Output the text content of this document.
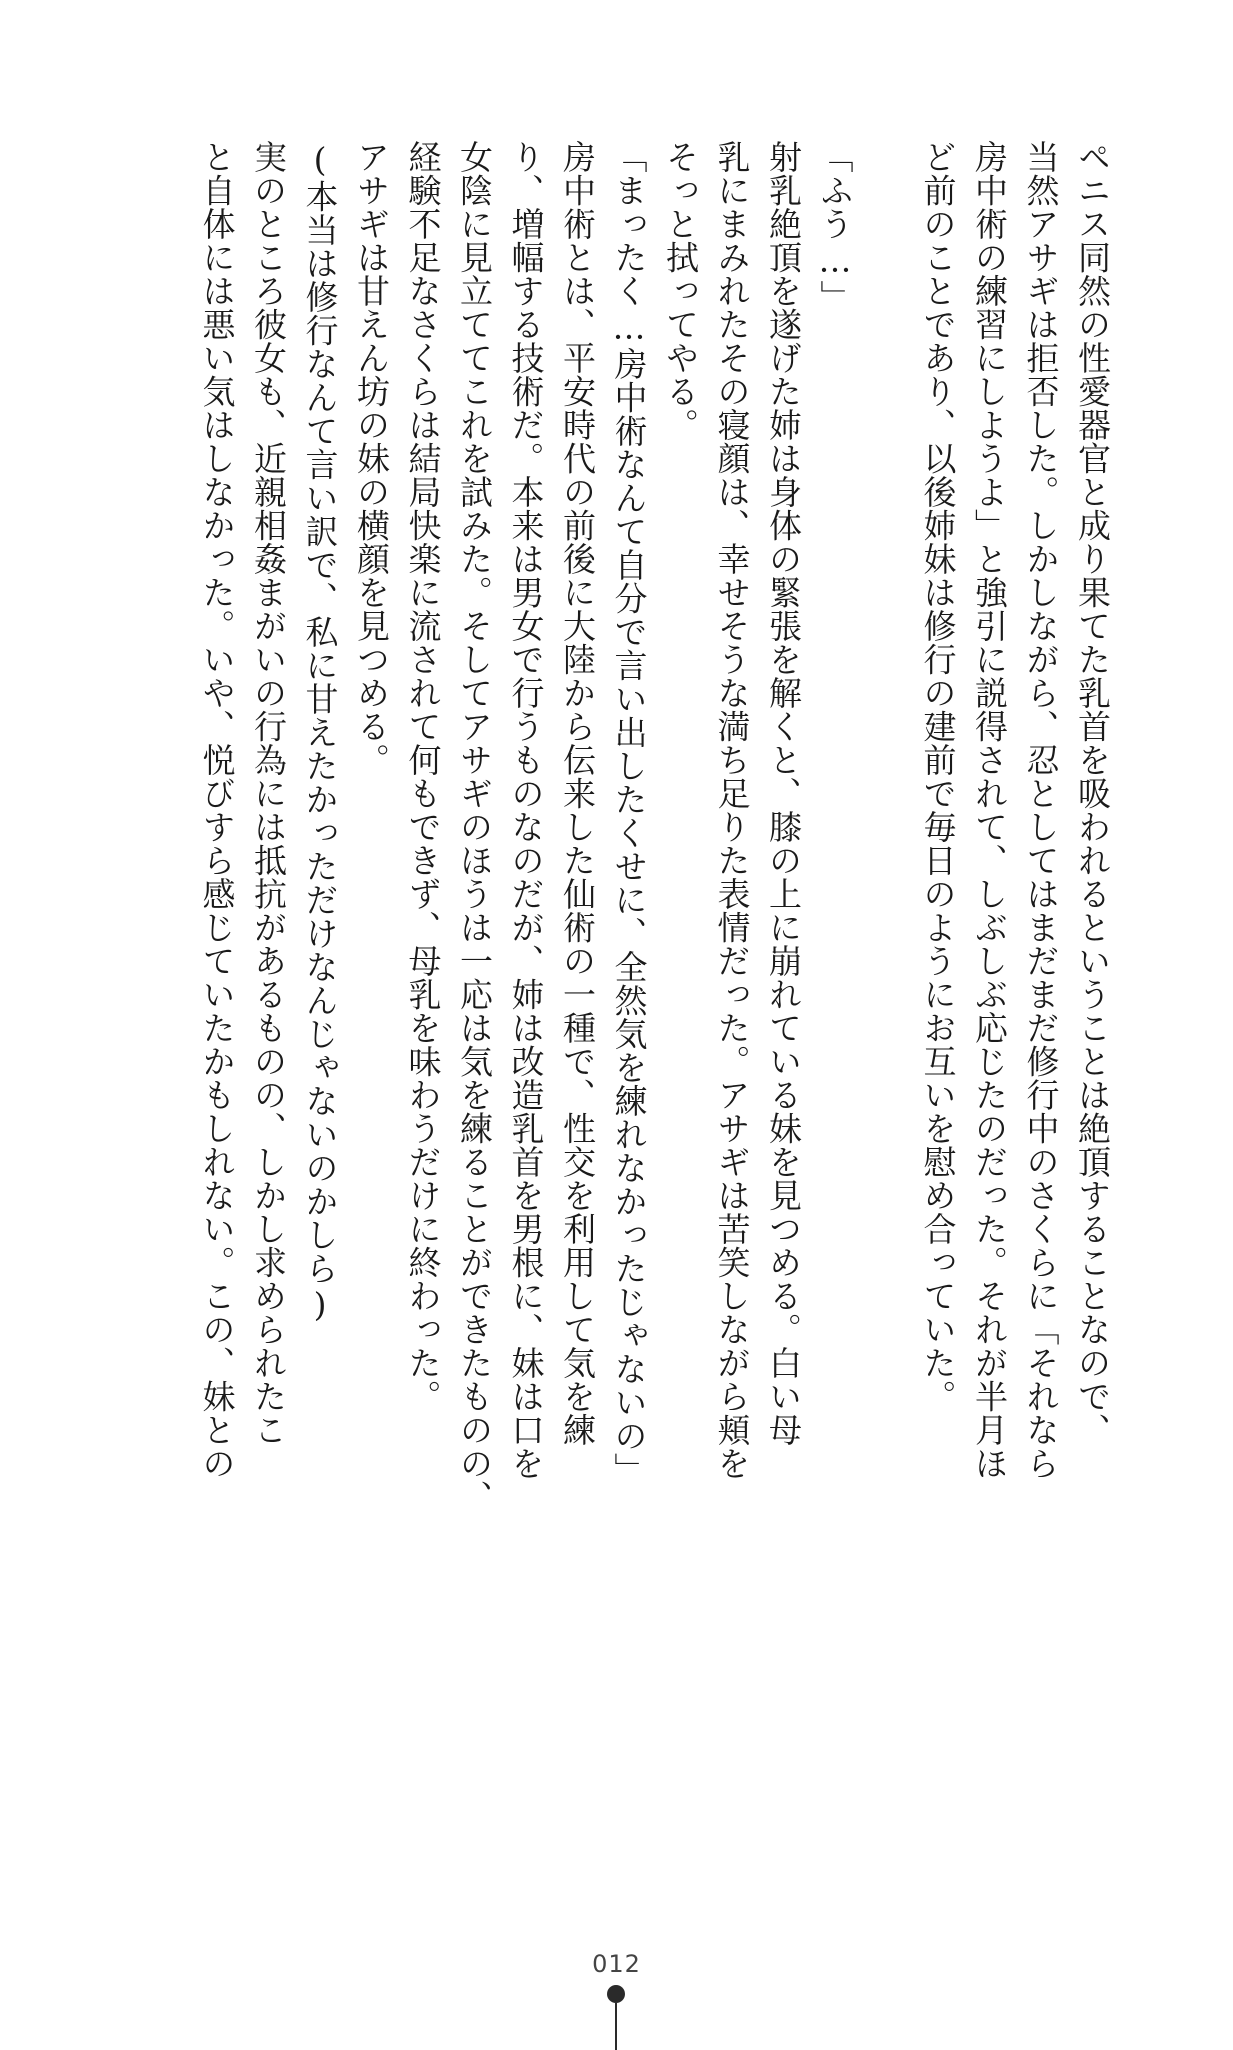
ペニス同然の性愛器官と成り果てた乳首を吸われるということは絶頂することなので、
当然アサギは拒否した。しかしながら、忍としてはまだまだ修行中のさくらに「それなら
房中術の練習にしようよ」と強引に説得されて、しぶしぶ応じたのだった。それが半月ほ
ど前のことであり、以後姉妹は修行の建前で毎日のようにお互いを慰め合っていた。
「ふう…」
射乳絶頂を遂げた姉は身体の緊張を解くと、膝の上に崩れている妹を見つめる。白い母
乳にまみれたその寝顔は、幸せそうな満ち足りた表情だった。アサギは苦笑しながら頬を
そっと拭ってやる。
「まったく…房中術なんて自分で言い出したくせに、全然気を練れなかったじゃないの」
房中術とは、平安時代の前後に大陸から伝来した仙術の一種で、性交を利用して気を練
り、増幅する技術だ。本来は男女で行うものなのだが、姉は改造乳首を男根に、妹は口を
女陰に見立ててこれを試みた。そしてアサギのほうは一応は気を練ることができたものの、
経験不足なさくらは結局快楽に流されて何もできず、母乳を味わうだけに終わった。
アサギは甘えん坊の妹の横顔を見つめる。
(本当は修行なんて言い訳で、私に甘えたかっただけなんじゃないのかしら)
実のところ彼女も、近親相姦まがいの行為には抵抗があるものの、しかし求められたこ
と自体には悪い気はしなかった。いや、悦びすら感じていたかもしれない。この、妹との
012
